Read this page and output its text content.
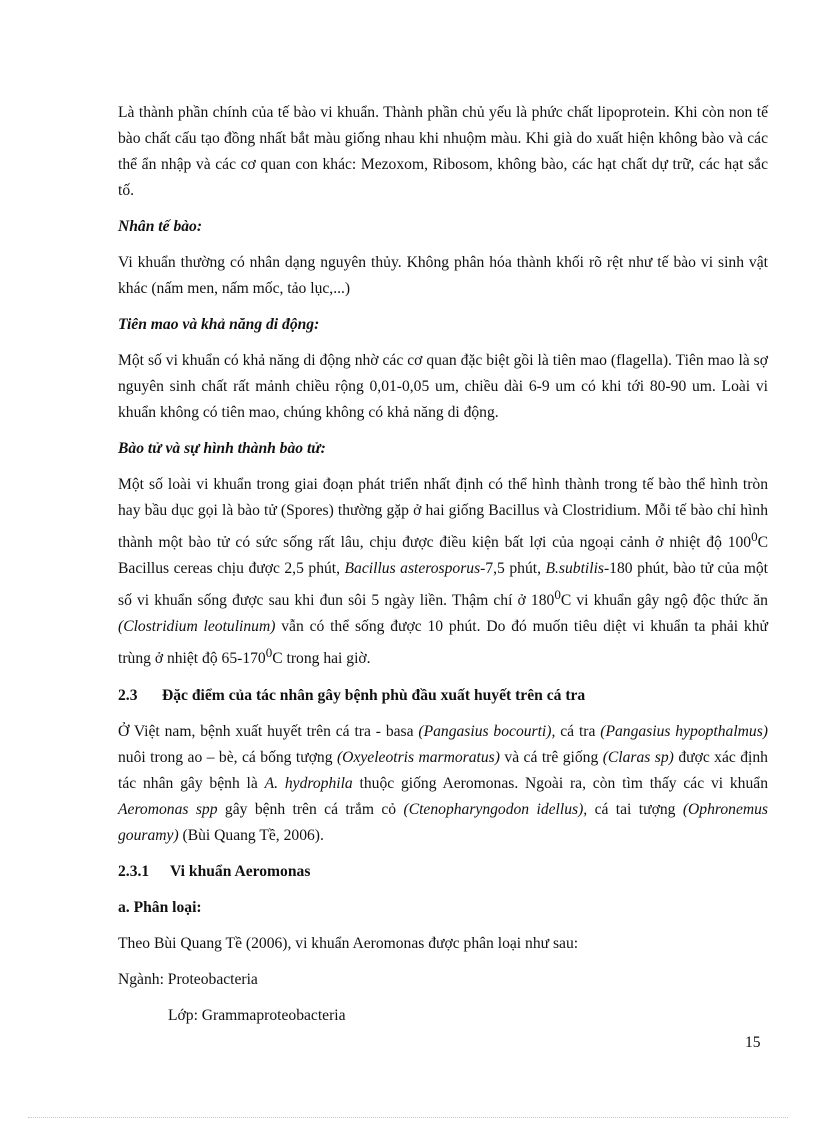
Là thành phần chính của tế bào vi khuẩn. Thành phần chủ yếu là phức chất lipoprotein. Khi còn non tế bào chất cấu tạo đồng nhất bắt màu giống nhau khi nhuộm màu. Khi già do xuất hiện không bào và các thể ẩn nhập và các cơ quan con khác: Mezoxom, Ribosom, không bào, các hạt chất dự trữ, các hạt sắc tố.

Nhân tế bào:

Vi khuẩn thường có nhân dạng nguyên thủy. Không phân hóa thành khối rõ rệt như tế bào vi sinh vật khác (nấm men, nấm mốc, tảo lục,...)

Tiên mao và khả năng di động:

Một số vi khuẩn có khả năng di động nhờ các cơ quan đặc biệt gồi là tiên mao (flagella). Tiên mao là sợ nguyên sinh chất rất mảnh chiều rộng 0,01-0,05 um, chiều dài 6-9 um có khi tới 80-90 um. Loài vi khuẩn không có tiên mao, chúng không có khả năng di động.

Bào tử và sự hình thành bào tử:

Một số loài vi khuẩn trong giai đoạn phát triển nhất định có thể hình thành trong tế bào thể hình tròn hay bầu dục gọi là bào tử (Spores) thường gặp ở hai giống Bacillus và Clostridium. Mỗi tế bào chỉ hình thành một bào tử có sức sống rất lâu, chịu được điều kiện bất lợi của ngoại cảnh ở nhiệt độ $100^0C$ Bacillus cereas chịu được 2,5 phút, Bacillus asterosporus-7,5 phút, B.subtilis-180 phút, bào tử của một số vi khuẩn sống được sau khi đun sôi 5 ngày liền. Thậm chí ở $180^0C$ vi khuẩn gây ngộ độc thức ăn (Clostridium leotulinum) vẫn có thể sống được 10 phút. Do đó muốn tiêu diệt vi khuẩn ta phải khử trùng ở nhiệt độ $65-170^0C$ trong hai giờ.

2.3 Đặc điểm của tác nhân gây bệnh phù đầu xuất huyết trên cá tra

Ở Việt nam, bệnh xuất huyết trên cá tra - basa (Pangasius bocourti), cá tra (Pangasius hypopthalmus) nuôi trong ao – bè, cá bống tượng (Oxyeleotris marmoratus) và cá trê giống (Claras sp) được xác định tác nhân gây bệnh là A. hydrophila thuộc giống Aeromonas. Ngoài ra, còn tìm thấy các vi khuẩn Aeromonas spp gây bệnh trên cá trắm cỏ (Ctenopharyngodon idellus), cá tai tượng (Ophronemus gouramy) (Bùi Quang Tề, 2006).

2.3.1 Vi khuẩn Aeromonas

a. Phân loại:

Theo Bùi Quang Tề (2006), vi khuẩn Aeromonas được phân loại như sau:

Ngành: Proteobacteria

Lớp: Grammaproteobacteria

15
